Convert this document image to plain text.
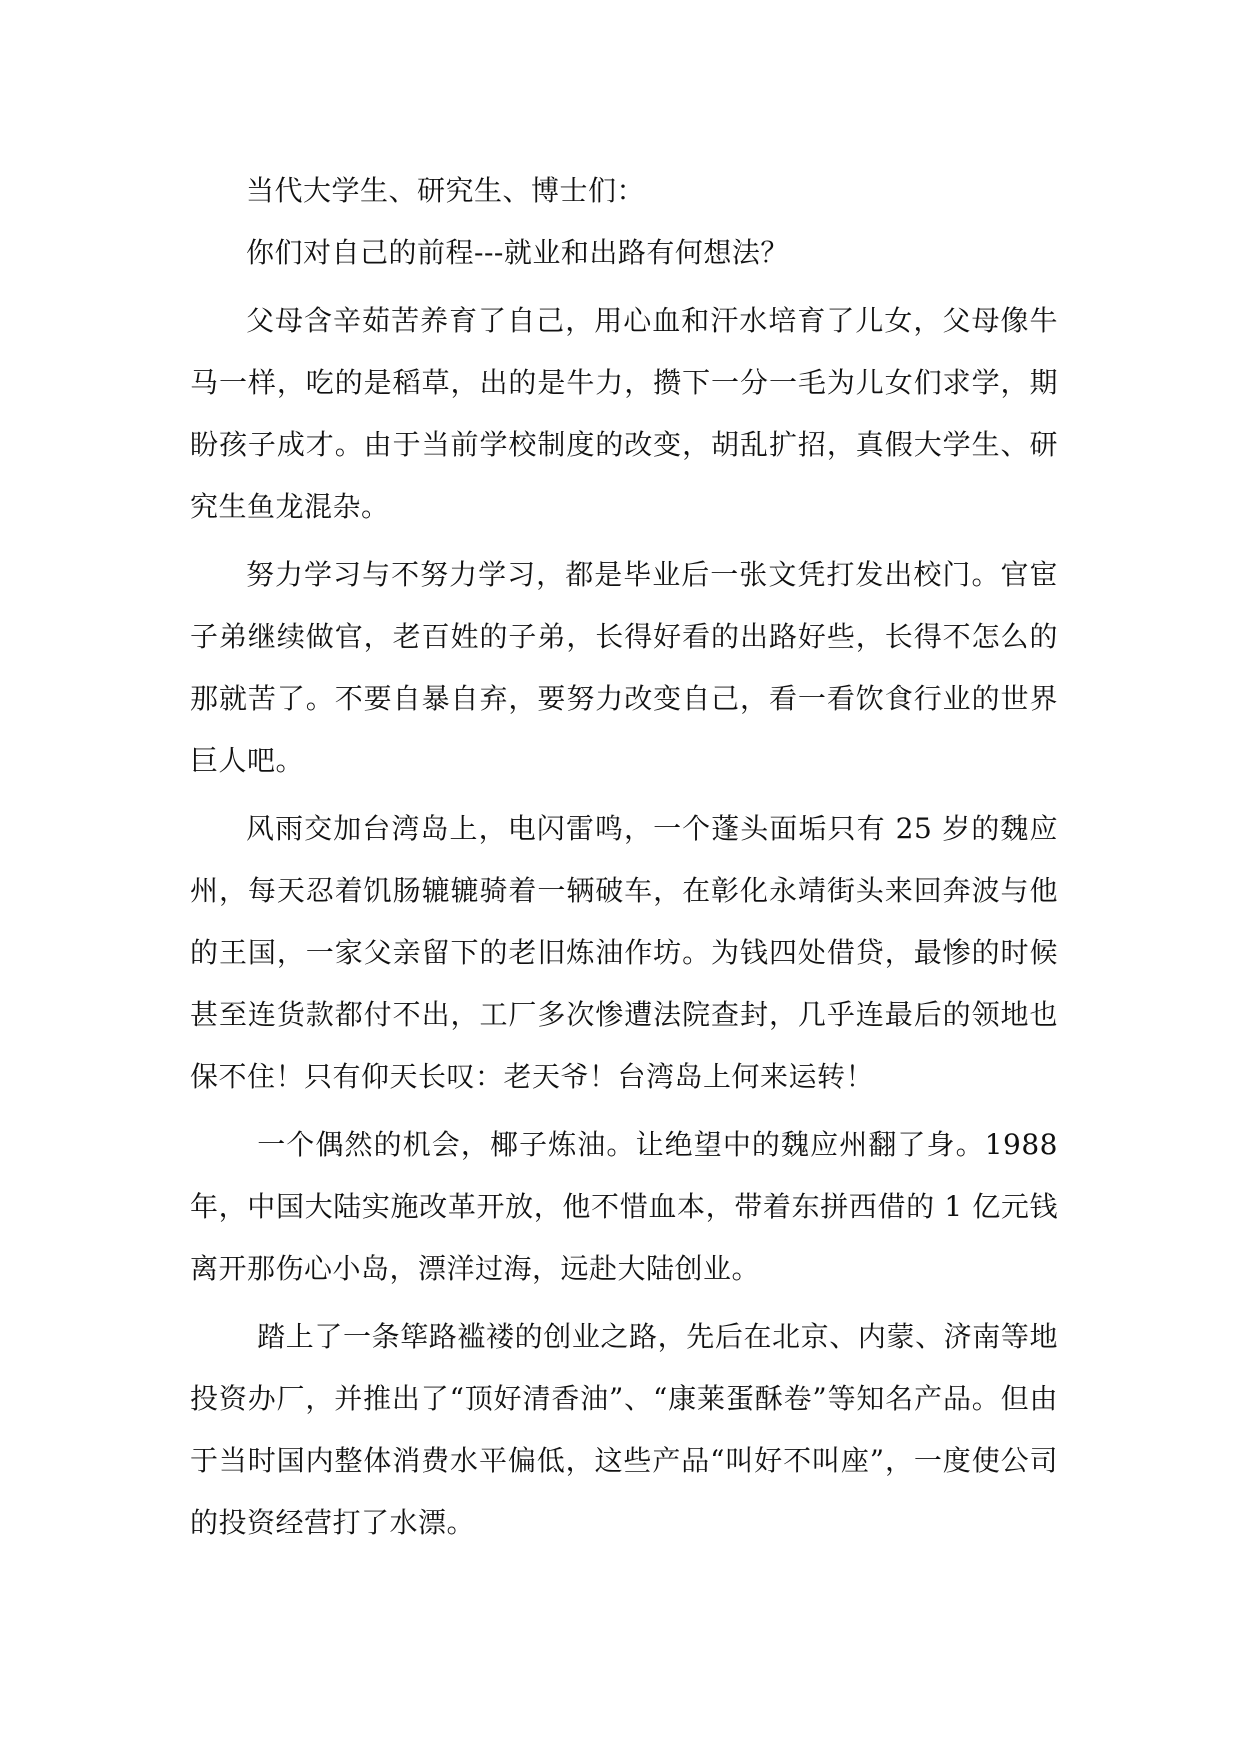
当代大学生、研究生、博士们：

你们对自己的前程---就业和出路有何想法？

父母含辛茹苦养育了自己，用心血和汗水培育了儿女，父母像牛马一样，吃的是稻草，出的是牛力，攒下一分一毛为儿女们求学，期盼孩子成才。由于当前学校制度的改变，胡乱扩招，真假大学生、研究生鱼龙混杂。

努力学习与不努力学习，都是毕业后一张文凭打发出校门。官宦子弟继续做官，老百姓的子弟，长得好看的出路好些，长得不怎么的那就苦了。不要自暴自弃，要努力改变自己，看一看饮食行业的世界巨人吧。

风雨交加台湾岛上，电闪雷鸣，一个蓬头面垢只有 25 岁的魏应州，每天忍着饥肠辘辘骑着一辆破车，在彰化永靖街头来回奔波与他的王国，一家父亲留下的老旧炼油作坊。为钱四处借贷，最惨的时候甚至连货款都付不出，工厂多次惨遭法院查封，几乎连最后的领地也保不住！只有仰天长叹：老天爷！台湾岛上何来运转！

一个偶然的机会，椰子炼油。让绝望中的魏应州翻了身。1988 年，中国大陆实施改革开放，他不惜血本，带着东拼西借的 1 亿元钱离开那伤心小岛，漂洋过海，远赴大陆创业。

踏上了一条筚路褴褛的创业之路，先后在北京、内蒙、济南等地投资办厂，并推出了“顶好清香油”、“康莱蛋酥卷”等知名产品。但由于当时国内整体消费水平偏低，这些产品“叫好不叫座”，一度使公司的投资经营打了水漂。
